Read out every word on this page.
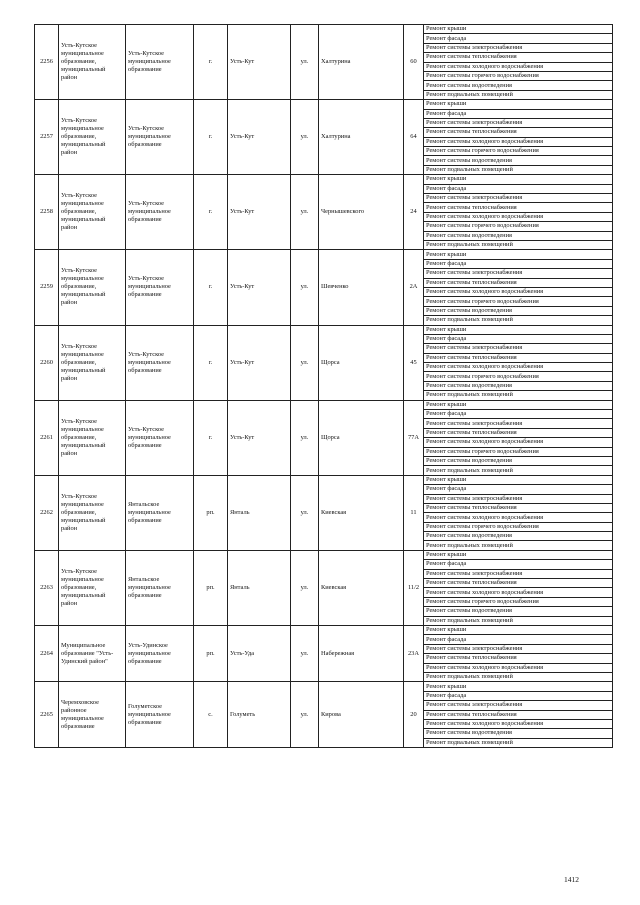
2256	Усть-Кутское муниципальное образование, муниципальный район	Усть-Кутское муниципальное образование	г.	Усть-Кут	ул.	Халтурина	60	Ремонт крыши
								Ремонт фасада
								Ремонт системы электроснабжения
								Ремонт системы теплоснабжения
								Ремонт системы холодного водоснабжения
								Ремонт системы горячего водоснабжения
								Ремонт системы водоотведения
								Ремонт подвальных помещений
2257	Усть-Кутское муниципальное образование, муниципальный район	Усть-Кутское муниципальное образование	г.	Усть-Кут	ул.	Халтурина	64	Ремонт крыши
								Ремонт фасада
								Ремонт системы электроснабжения
								Ремонт системы теплоснабжения
								Ремонт системы холодного водоснабжения
								Ремонт системы горячего водоснабжения
								Ремонт системы водоотведения
								Ремонт подвальных помещений
2258	Усть-Кутское муниципальное образование, муниципальный район	Усть-Кутское муниципальное образование	г.	Усть-Кут	ул.	Чернышевского	24	Ремонт крыши
								Ремонт фасада
								Ремонт системы электроснабжения
								Ремонт системы теплоснабжения
								Ремонт системы холодного водоснабжения
								Ремонт системы горячего водоснабжения
								Ремонт системы водоотведения
								Ремонт подвальных помещений
2259	Усть-Кутское муниципальное образование, муниципальный район	Усть-Кутское муниципальное образование	г.	Усть-Кут	ул.	Шевченко	2А	Ремонт крыши
								Ремонт фасада
								Ремонт системы электроснабжения
								Ремонт системы теплоснабжения
								Ремонт системы холодного водоснабжения
								Ремонт системы горячего водоснабжения
								Ремонт системы водоотведения
								Ремонт подвальных помещений
2260	Усть-Кутское муниципальное образование, муниципальный район	Усть-Кутское муниципальное образование	г.	Усть-Кут	ул.	Щорса	45	Ремонт крыши
								Ремонт фасада
								Ремонт системы электроснабжения
								Ремонт системы теплоснабжения
								Ремонт системы холодного водоснабжения
								Ремонт системы горячего водоснабжения
								Ремонт системы водоотведения
								Ремонт подвальных помещений
2261	Усть-Кутское муниципальное образование, муниципальный район	Усть-Кутское муниципальное образование	г.	Усть-Кут	ул.	Щорса	77А	Ремонт крыши
								Ремонт фасада
								Ремонт системы электроснабжения
								Ремонт системы теплоснабжения
								Ремонт системы холодного водоснабжения
								Ремонт системы горячего водоснабжения
								Ремонт системы водоотведения
								Ремонт подвальных помещений
2262	Усть-Кутское муниципальное образование, муниципальный район	Янтальское муниципальное образование	рп.	Янталь	ул.	Киевская	11	Ремонт крыши
								Ремонт фасада
								Ремонт системы электроснабжения
								Ремонт системы теплоснабжения
								Ремонт системы холодного водоснабжения
								Ремонт системы горячего водоснабжения
								Ремонт системы водоотведения
								Ремонт подвальных помещений
2263	Усть-Кутское муниципальное образование, муниципальный район	Янтальское муниципальное образование	рп.	Янталь	ул.	Киевская	11/2	Ремонт крыши
								Ремонт фасада
								Ремонт системы электроснабжения
								Ремонт системы теплоснабжения
								Ремонт системы холодного водоснабжения
								Ремонт системы горячего водоснабжения
								Ремонт системы водоотведения
								Ремонт подвальных помещений
2264	Муниципальное образование "Усть-Удинский район"	Усть-Удинское муниципальное образование	рп.	Усть-Уда	ул.	Набережная	23А	Ремонт крыши
								Ремонт фасада
								Ремонт системы электроснабжения
								Ремонт системы теплоснабжения
								Ремонт системы холодного водоснабжения
								Ремонт подвальных помещений
2265	Черемховское районное муниципальное образование	Голуметское муниципальное образование	с.	Голуметь	ул.	Кирова	20	Ремонт крыши
								Ремонт фасада
								Ремонт системы электроснабжения
								Ремонт системы теплоснабжения
								Ремонт системы холодного водоснабжения
								Ремонт системы водоотведения
								Ремонт подвальных помещений
1412
